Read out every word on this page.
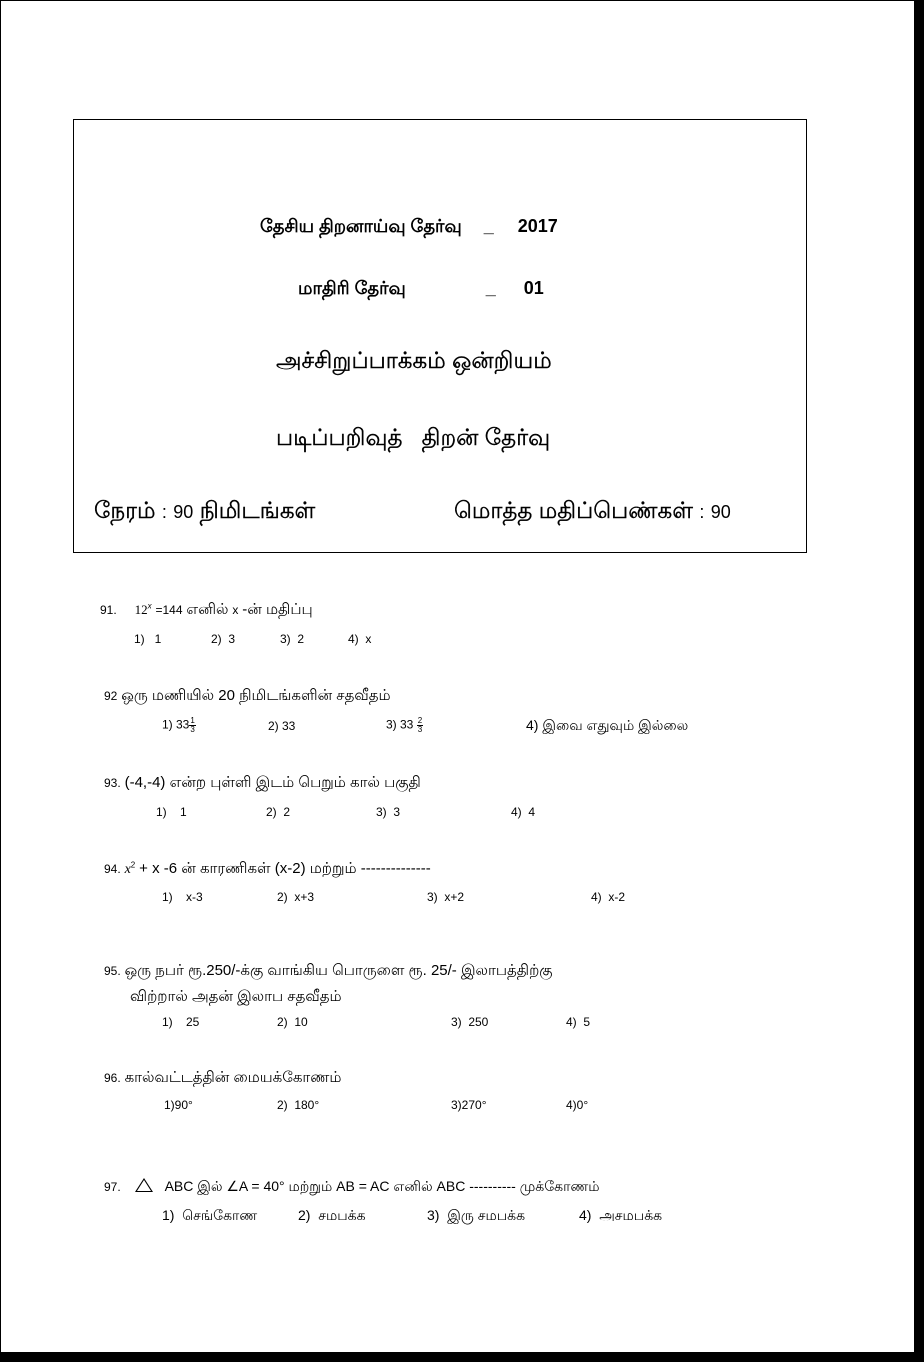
தேசிய திறனாய்வு தேர்வு _ 2017
மாதிரி தேர்வு	_ 01
அச்சிறுப்பாக்கம் ஒன்றியம்
படிப்பறிவுத்   திறன் தேர்வு
நேரம் : 90 நிமிடங்கள்	மொத்த மதிப்பெண்கள் : 90
91. $12^x =144$ எனில் x -ன் மதிப்பு
92 ஒரு மணியில் 20 நிமிடங்களின் சதவீதம்
1) $33 \frac{1}{3}$	2) 33	3) $33 \frac{2}{3}$	4) இவை எதுவும் இல்லை
93. (-4,-4) என்ற புள்ளி இடம் பெறும் கால் பகுதி
94. $x^2 + x$ -6 ன் காரணிகள் (x-2) மற்றும் --------------
95. ஒரு நபர் ரூ.250/-க்கு வாங்கிய பொருளை ரூ. 25/- இலாபத்திற்கு
விற்றால் அதன் இலாப சதவீதம்
96. கால்வட்டத்தின் மையக்கோணம்
97.	ABC இல் ∠A = 40° மற்றும் AB = AC எனில் ABC ---------- முக்கோணம்
1)   1	2)  3	3)  2	4)  x
1)    1	2)  2	3)  3	4)  4
1)    x-3	2)  x+3	3)  x+2	4)  x-2
1)    25	2)  10	3)  250	4)  5
1)90°	2)  180°	3)270°	4)0°
1)  செங்கோண	2)  சமபக்க	3)  இரு சமபக்க	4)  அசமபக்க
